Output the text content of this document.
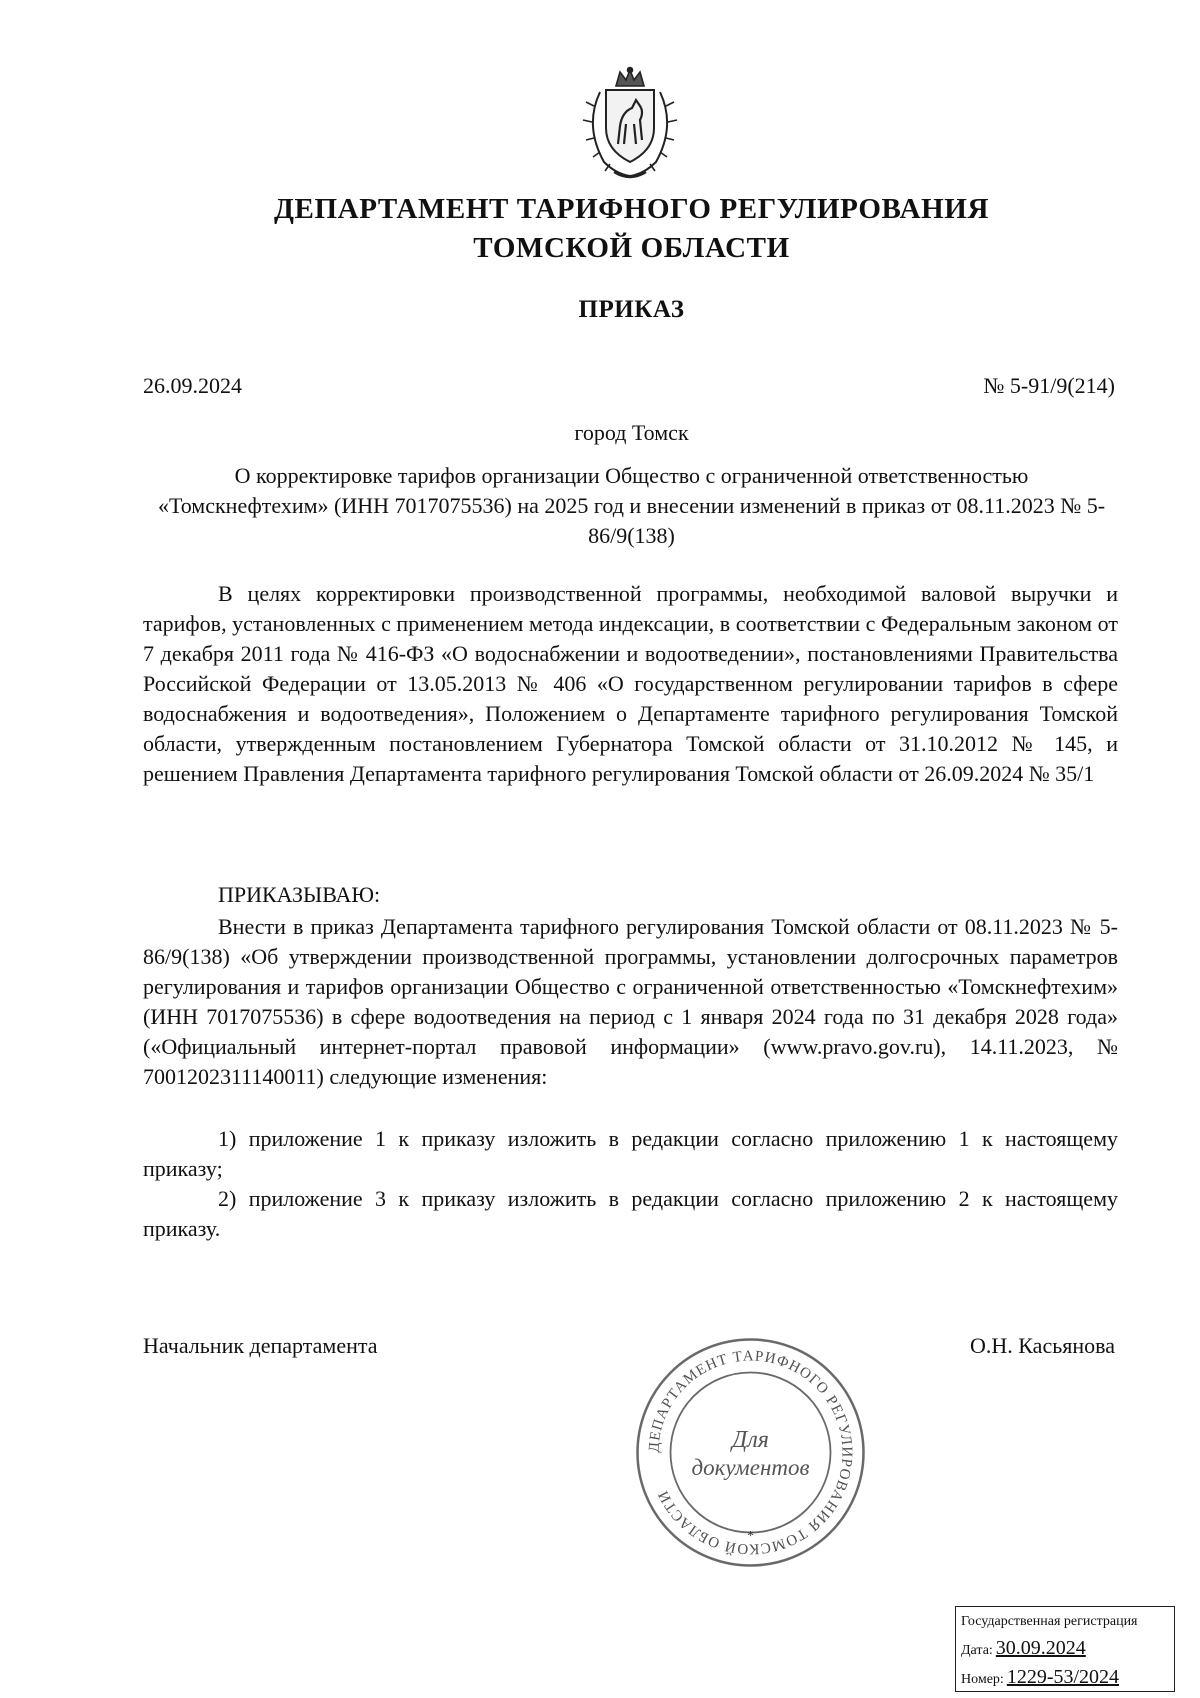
ДЕПАРТАМЕНТ ТАРИФНОГО РЕГУЛИРОВАНИЯ
ТОМСКОЙ ОБЛАСТИ
ПРИКАЗ
26.09.2024	№ 5-91/9(214)
город Томск
О корректировке тарифов организации Общество с ограниченной ответственностью «Томскнефтехим» (ИНН 7017075536) на 2025 год и внесении изменений в приказ от 08.11.2023 № 5-86/9(138)

В целях корректировки производственной программы, необходимой валовой выручки и тарифов, установленных с применением метода индексации, в соответствии с Федеральным законом от 7 декабря 2011 года № 416-ФЗ «О водоснабжении и водоотведении», постановлениями Правительства Российской Федерации от 13.05.2013 № 406 «О государственном регулировании тарифов в сфере водоснабжения и водоотведения», Положением о Департаменте тарифного регулирования Томской области, утвержденным постановлением Губернатора Томской области от 31.10.2012 № 145, и решением Правления Департамента тарифного регулирования Томской области от 26.09.2024 № 35/1

ПРИКАЗЫВАЮ:

Внести в приказ Департамента тарифного регулирования Томской области от 08.11.2023 № 5-86/9(138) «Об утверждении производственной программы, установлении долгосрочных параметров регулирования и тарифов организации Общество с ограниченной ответственностью «Томскнефтехим» (ИНН 7017075536) в сфере водоотведения на период с 1 января 2024 года по 31 декабря 2028 года» («Официальный интернет-портал правовой информации» (www.pravo.gov.ru), 14.11.2023, № 7001202311140011) следующие изменения:

1) приложение 1 к приказу изложить в редакции согласно приложению 1 к настоящему приказу;

2) приложение 3 к приказу изложить в редакции согласно приложению 2 к настоящему приказу.

Начальник департамента	О.Н. Касьянова
ДЕПАРТАМЕНТ ТАРИФНОГО РЕГУЛИРОВАНИЯ ТОМСКОЙ ОБЛАСТИ
Для
документов
*
Государственная регистрация
Дата: 30.09.2024
Номер: 1229-53/2024
